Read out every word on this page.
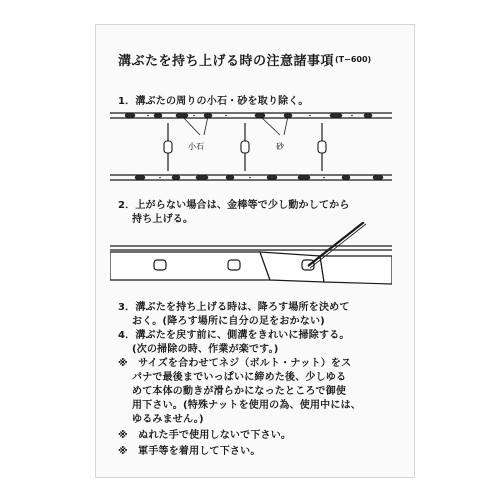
溝ぶたを持ち上げる時の注意諸事項 (T−600)
1．溝ぶたの周りの小石・砂を取り除く。
小石	砂
2．上がらない場合は、金棒等で少し動かしてから
持ち上げる。
3．溝ぶたを持ち上げる時は、降ろす場所を決めて
おく。(降ろす場所に自分の足をおかない)
4．溝ぶたを戻す前に、側溝をきれいに掃除する。
(次の掃除の時、作業が楽です。)
※　サイズを合わせてネジ（ボルト・ナット）をス
パナで最後までいっぱいに締めた後、少しゆる
めて本体の動きが滑らかになったところで御使
用下さい。(特殊ナットを使用の為、使用中には、
ゆるみません。)
※　ぬれた手で使用しないで下さい。
※　軍手等を着用して下さい。
